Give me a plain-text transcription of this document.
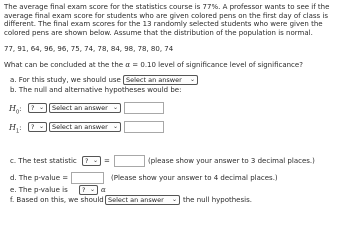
The average final exam score for the statistics course is 77%. A professor wants to see if the average final exam score for students who are given colored pens on the first day of class is different. The final exam scores for the 13 randomly selected students who were given the colored pens are shown below. Assume that the distribution of the population is normal.
77, 91, 64, 96, 96, 75, 74, 78, 84, 98, 78, 80, 74
What can be concluded at the the α = 0.10 level of significance level of significance?
a. For this study, we should use Select an answer ⌄
b. The null and alternative hypotheses would be:
$H_0$:	? ⌄	Select an answer ⌄
$H_1$:	? ⌄	Select an answer ⌄
c. The test statistic	? ⌄ =	(please show your answer to 3 decimal places.)
d. The p-value =	(Please show your answer to 4 decimal places.)
e. The p-value is	? ⌄ α
f. Based on this, we should Select an answer ⌄ the null hypothesis.
